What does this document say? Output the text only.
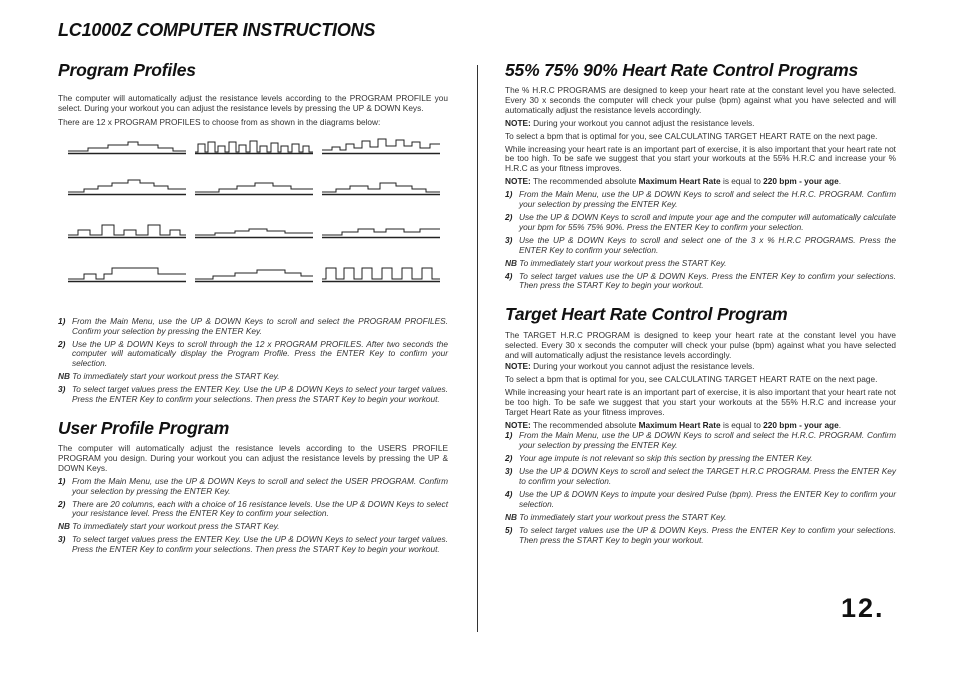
LC1000Z COMPUTER INSTRUCTIONS
Program Profiles

The computer will automatically adjust the resistance levels according to the PROGRAM PROFILE you select. During your workout you can adjust the resistance levels by pressing the UP & DOWN Keys.

There are 12 x PROGRAM PROFILES to choose from as shown in the diagrams below:

1) From the Main Menu, use the UP & DOWN Keys to scroll and select the PROGRAM PROFILES. Confirm your selection by pressing the ENTER Key.
2) Use the UP & DOWN Keys to scroll through the 12 x PROGRAM PROFILES. After two seconds the computer will automatically display the Program Profile. Press the ENTER Key to confirm your selection.
NB To immediately start your workout press the START Key.
3) To select target values press the ENTER Key. Use the UP & DOWN Keys to select your target values. Press the ENTER Key to confirm your selections. Then press the START Key to begin your workout.
User Profile Program

The computer will automatically adjust the resistance levels according to the USERS PROFILE PROGRAM you design. During your workout you can adjust the resistance levels by pressing the UP & DOWN Keys.

1) From the Main Menu, use the UP & DOWN Keys to scroll and select the USER PROGRAM. Confirm your selection by pressing the ENTER Key.
2) There are 20 columns, each with a choice of 16 resistance levels. Use the UP & DOWN Keys to select your resistance level. Press the ENTER Key to confirm your selection.
NB To immediately start your workout press the START Key.
3) To select target values press the ENTER Key. Use the UP & DOWN Keys to select your target values. Press the ENTER Key to confirm your selections. Then press the START Key to begin your workout.
55% 75% 90% Heart Rate Control Programs

The % H.R.C PROGRAMS are designed to keep your heart rate at the constant level you have selected. Every 30 x seconds the computer will check your pulse (bpm) against what you have selected and will automatically adjust the resistance levels accordingly.

NOTE: During your workout you cannot adjust the resistance levels.

To select a bpm that is optimal for you, see CALCULATING TARGET HEART RATE on the next page.

While increasing your heart rate is an important part of exercise, it is also important that your heart rate not be too high. To be safe we suggest that you start your workouts at the 55% H.R.C and increase your % H.R.C as your fitness improves.

NOTE: The recommended absolute Maximum Heart Rate is equal to 220 bpm - your age.

1) From the Main Menu, use the UP & DOWN Keys to scroll and select the H.R.C. PROGRAM. Confirm your selection by pressing the ENTER Key.
2) Use the UP & DOWN Keys to scroll and impute your age and the computer will automatically calculate your bpm for 55% 75% 90%. Press the ENTER Key to confirm your selection.
3) Use the UP & DOWN Keys to scroll and select one of the 3 x % H.R.C PROGRAMS. Press the ENTER Key to confirm your selection.
NB To immediately start your workout press the START Key.
4) To select target values use the UP & DOWN Keys. Press the ENTER Key to confirm your selections. Then press the START Key to begin your workout.
Target Heart Rate Control Program

The TARGET H.R.C PROGRAM is designed to keep your heart rate at the constant level you have selected. Every 30 x seconds the computer will check your pulse (bpm) against what you have selected and will automatically adjust the resistance levels accordingly.

NOTE: During your workout you cannot adjust the resistance levels.

To select a bpm that is optimal for you, see CALCULATING TARGET HEART RATE on the next page.

While increasing your heart rate is an important part of exercise, it is also important that your heart rate not be too high. To be safe we suggest that you start your workouts at the 55% H.R.C and increase your Target Heart Rate as your fitness improves.

NOTE: The recommended absolute Maximum Heart Rate is equal to 220 bpm - your age.

1) From the Main Menu, use the UP & DOWN Keys to scroll and select the H.R.C. PROGRAM. Confirm your selection by pressing the ENTER Key.
2) Your age impute is not relevant so skip this section by pressing the ENTER Key.
3) Use the UP & DOWN Keys to scroll and select the TARGET H.R.C PROGRAM. Press the ENTER Key to confirm your selection.
4) Use the UP & DOWN Keys to impute your desired Pulse (bpm). Press the ENTER Key to confirm your selection.
NB To immediately start your workout press the START Key.
5) To select target values use the UP & DOWN Keys. Press the ENTER Key to confirm your selections. Then press the START Key to begin your workout.
12.
